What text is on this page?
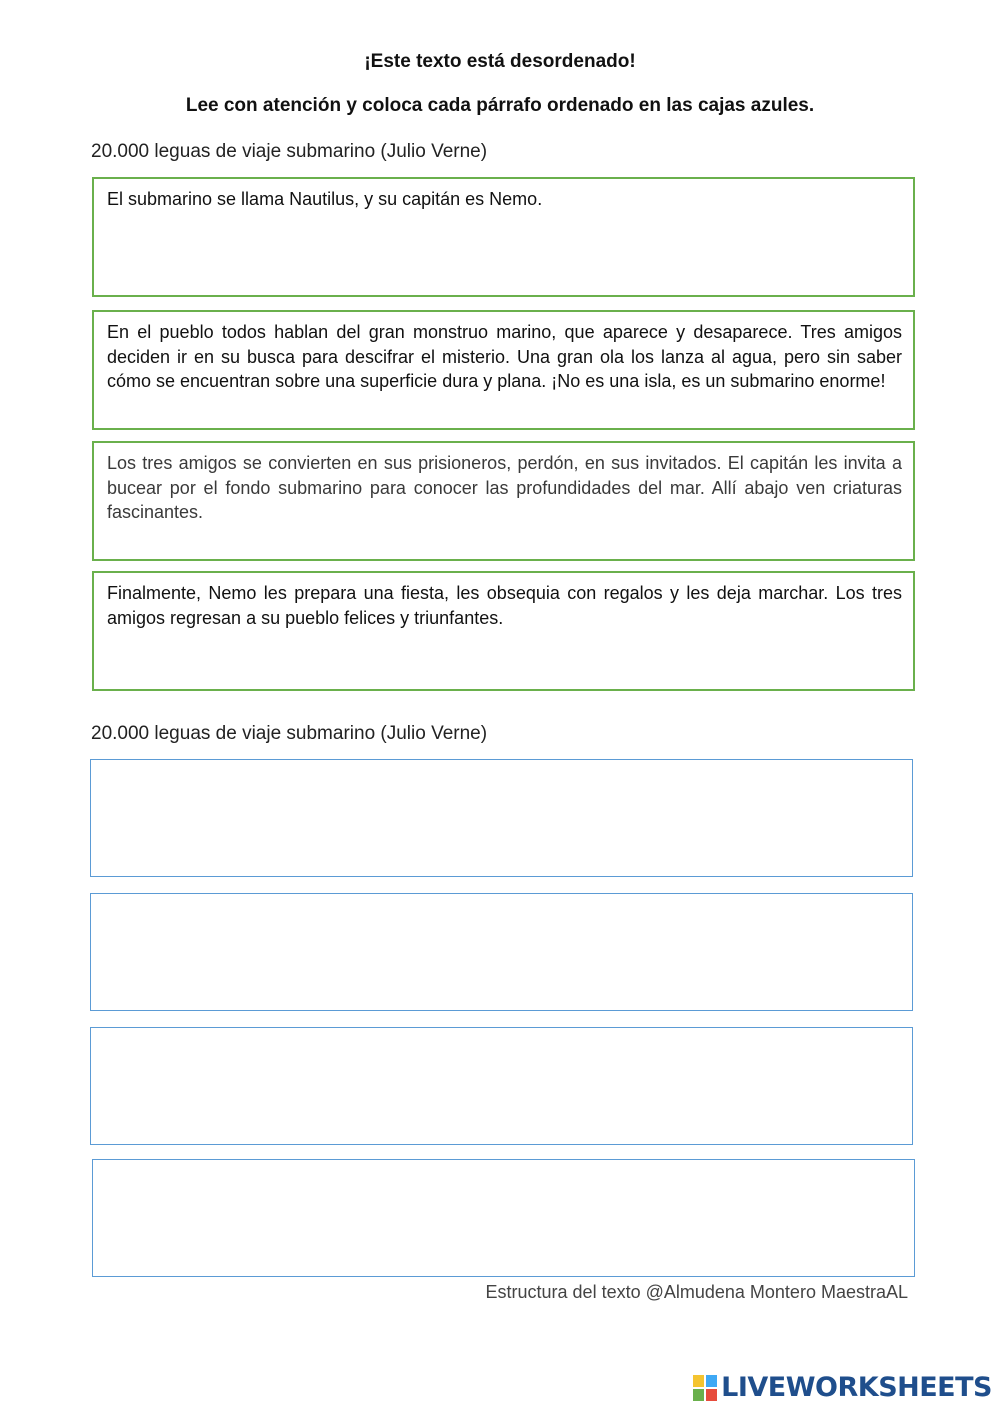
¡Este texto está desordenado!
Lee con atención y coloca cada párrafo ordenado en las cajas azules.
20.000 leguas de viaje submarino (Julio Verne)

El submarino se llama Nautilus, y su capitán es Nemo.

En el pueblo todos hablan del gran monstruo marino, que aparece y desaparece. Tres amigos deciden ir en su busca para descifrar el misterio. Una gran ola los lanza al agua, pero sin saber cómo se encuentran sobre una superficie dura y plana. ¡No es una isla, es un submarino enorme!

Los tres amigos se convierten en sus prisioneros, perdón, en sus invitados. El capitán les invita a bucear por el fondo submarino para conocer las profundidades del mar. Allí abajo ven criaturas fascinantes.

Finalmente, Nemo les prepara una fiesta, les obsequia con regalos y les deja marchar. Los tres amigos regresan a su pueblo felices y triunfantes.

20.000 leguas de viaje submarino (Julio Verne)
Estructura del texto @Almudena Montero MaestraAL
LIVEWORKSHEETS
